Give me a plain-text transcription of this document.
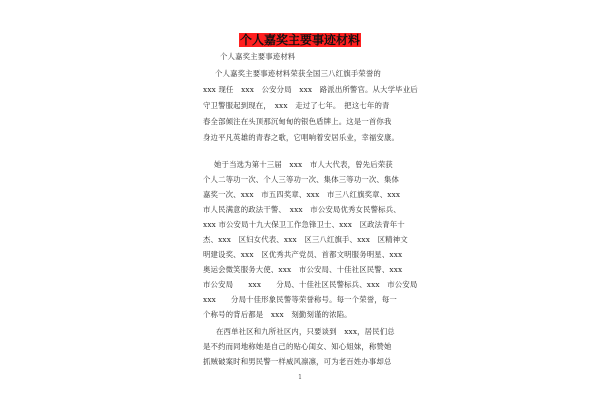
个人嘉奖主要事迹材料
个人嘉奖主要事迹材料
个人嘉奖主要事迹材料荣获全国三八红旗手荣誉的
xxx 现任　xxx　公安分局　xxx　路派出所警官。从大学毕业后
守卫警服起到现在，　xxx　走过了七年。　把这七年的青
春全部倾注在头顶那沉甸甸的银色盾牌上。这是一首你我
身边平凡英雄的青春之歌，它唱响着安居乐业，幸福安康。
她于当选为第十三届　xxx　市人大代表，曾先后荣获
个人二等功一次、个人三等功一次、集体三等功一次、集体
嘉奖一次、xxx　市五四奖章、xxx　市三八红旗奖章、xxx
市人民满意的政法干警、　xxx　市公安局优秀女民警标兵、
xxx 市公安局十九大保卫工作急锋卫士、xxx　区政法青年十
杰、xxx　区妇女代表、xxx　区三八红旗手、xxx　区精神文
明建设奖、xxx　区优秀共产党员、首都文明服务明星、xxx
奥运会微笑服务大使、xxx　市公安局、十佳社区民警、xxx
市公安局　　xxx　　分局、十佳社区民警标兵、xxx　市公安局
xxx　　分局十佳形象民警等荣誉称号。每一个荣誉，每一
个称号的背后都是　xxx　刻勤刻谨的浓陷。
1
在西单社区和九所社区内，只要谈到　xxx，居民们总
是不约而同地称她是自己的贴心闺女、知心姐妹，称赞她
抓贼破案时和男民警一样威风凛凛，可为老百姓办事却总
